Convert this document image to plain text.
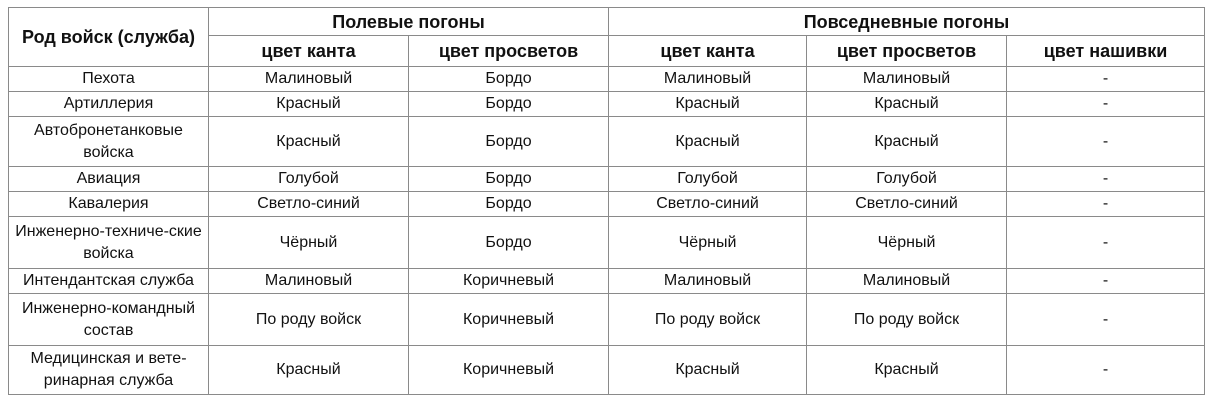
Род войск (служба)	Полевые погоны		Повседневные погоны		
	цвет канта	цвет просветов	цвет канта	цвет просветов	цвет нашивки
Пехота	Малиновый	Бордо	Малиновый	Малиновый	-
Артиллерия	Красный	Бордо	Красный	Красный	-
Автобронетанковые войска	Красный	Бордо	Красный	Красный	-
Авиация	Голубой	Бордо	Голубой	Голубой	-
Кавалерия	Светло-синий	Бордо	Светло-синий	Светло-синий	-
Инженерно-техниче-ские войска	Чёрный	Бордо	Чёрный	Чёрный	-
Интендантская служба	Малиновый	Коричневый	Малиновый	Малиновый	-
Инженерно-командный состав	По роду войск	Коричневый	По роду войск	По роду войск	-
Медицинская и вете-ринарная служба	Красный	Коричневый	Красный	Красный	-
